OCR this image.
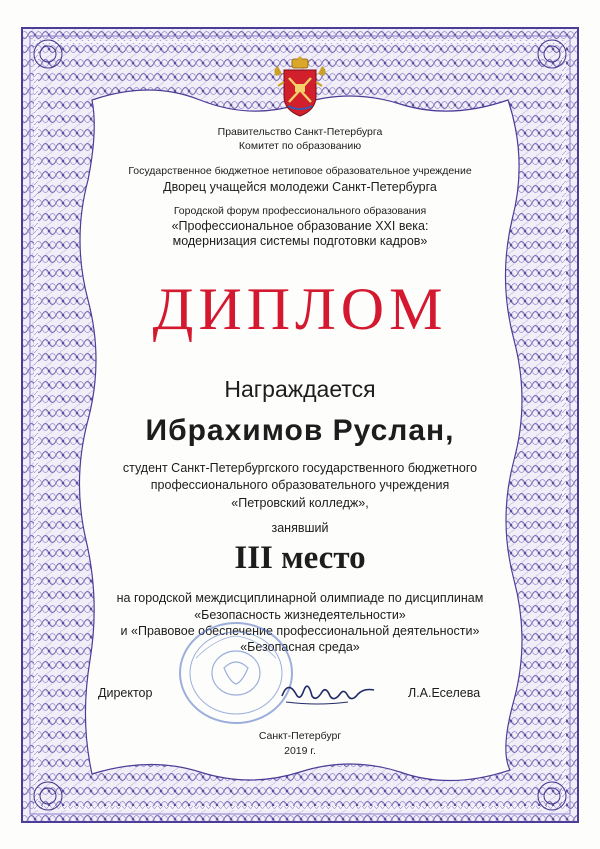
Правительство Санкт-Петербурга

Комитет по образованию

Государственное бюджетное нетиповое образовательное учреждение

Дворец учащейся молодежи Санкт-Петербурга

Городской форум профессионального образования

«Профессиональное образование XXI века:

модернизация системы подготовки кадров»

ДИПЛОМ

Награждается

Ибрахимов Руслан,

студент Санкт-Петербургского государственного бюджетного

профессионального образовательного учреждения

«Петровский колледж»,

занявший

III место

на городской междисциплинарной олимпиаде по дисциплинам

«Безопасность жизнедеятельности»

и «Правовое обеспечение профессиональной деятельности»

«Безопасная среда»

Директор	Л.А.Еселева

Санкт-Петербург

2019 г.
